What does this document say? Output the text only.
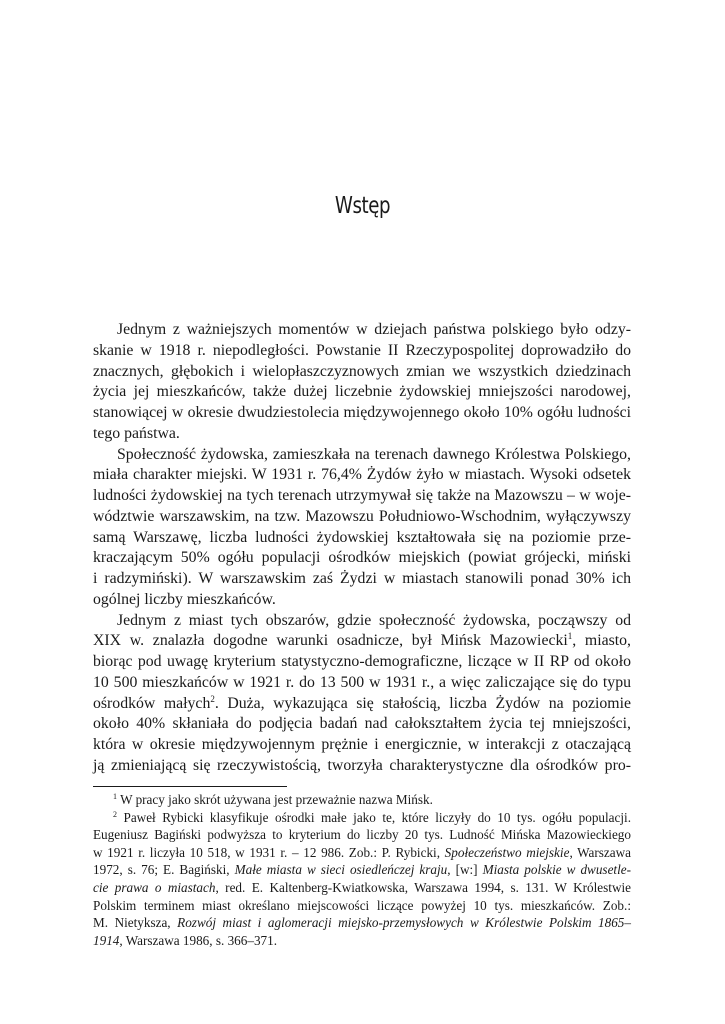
Wstęp
Jednym z ważniejszych momentów w dziejach państwa polskiego było odzy-
skanie w 1918 r. niepodległości. Powstanie II Rzeczypospolitej doprowadziło do
znacznych, głębokich i wielopłaszczyznowych zmian we wszystkich dziedzinach
życia jej mieszkańców, także dużej liczebnie żydowskiej mniejszości narodowej,
stanowiącej w okresie dwudziestolecia międzywojennego około 10% ogółu ludności
tego państwa.
Społeczność żydowska, zamieszkała na terenach dawnego Królestwa Polskiego,
miała charakter miejski. W 1931 r. 76,4% Żydów żyło w miastach. Wysoki odsetek
ludności żydowskiej na tych terenach utrzymywał się także na Mazowszu – w woje-
wództwie warszawskim, na tzw. Mazowszu Południowo-Wschodnim, wyłączywszy
samą Warszawę, liczba ludności żydowskiej kształtowała się na poziomie prze-
kraczającym 50% ogółu populacji ośrodków miejskich (powiat grójecki, miński
i radzymiński). W warszawskim zaś Żydzi w miastach stanowili ponad 30% ich
ogólnej liczby mieszkańców.
Jednym z miast tych obszarów, gdzie społeczność żydowska, począwszy od
XIX w. znalazła dogodne warunki osadnicze, był Mińsk Mazowiecki$^1$, miasto,
biorąc pod uwagę kryterium statystyczno-demograficzne, liczące w II RP od około
10 500 mieszkańców w 1921 r. do 13 500 w 1931 r., a więc zaliczające się do typu
ośrodków małych$^2$. Duża, wykazująca się stałością, liczba Żydów na poziomie
około 40% skłaniała do podjęcia badań nad całokształtem życia tej mniejszości,
która w okresie międzywojennym prężnie i energicznie, w interakcji z otaczającą
ją zmieniającą się rzeczywistością, tworzyła charakterystyczne dla ośrodków pro-
$^1$ W pracy jako skrót używana jest przeważnie nazwa Mińsk.
$^2$ Paweł Rybicki klasyfikuje ośrodki małe jako te, które liczyły do 10 tys. ogółu populacji.
Eugeniusz Bagiński podwyższa to kryterium do liczby 20 tys. Ludność Mińska Mazowieckiego
w 1921 r. liczyła 10 518, w 1931 r. – 12 986. Zob.: P. Rybicki, Społeczeństwo miejskie, Warszawa
1972, s. 76; E. Bagiński, Małe miasta w sieci osiedleńczej kraju, [w:] Miasta polskie w dwusetle-
cie prawa o miastach, red. E. Kaltenberg-Kwiatkowska, Warszawa 1994, s. 131. W Królestwie
Polskim terminem miast określano miejscowości liczące powyżej 10 tys. mieszkańców. Zob.:
M. Nietyksza, Rozwój miast i aglomeracji miejsko-przemysłowych w Królestwie Polskim 1865–
1914, Warszawa 1986, s. 366–371.
